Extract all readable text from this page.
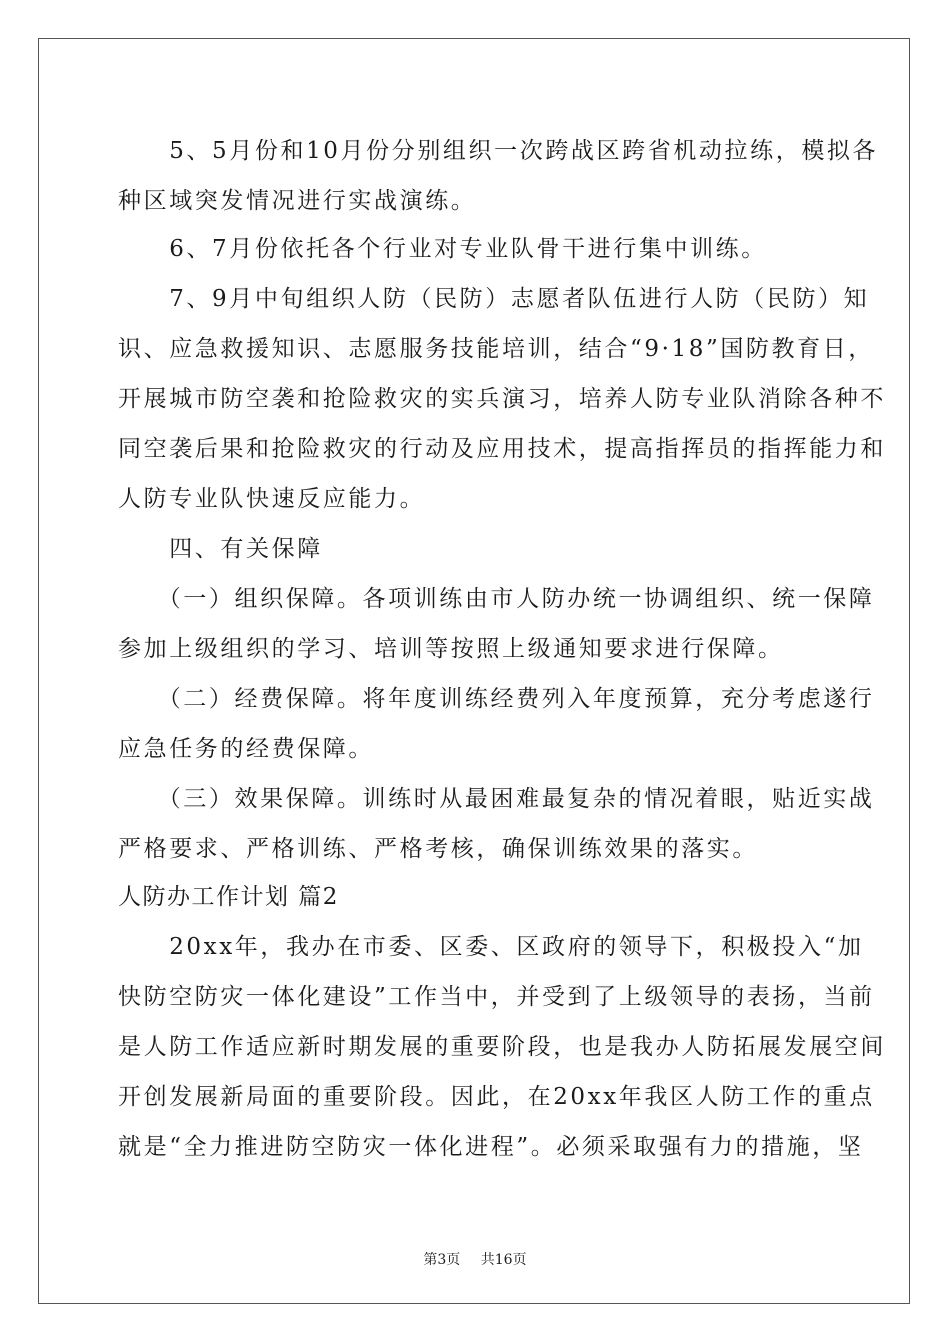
　　5、5月份和10月份分别组织一次跨战区跨省机动拉练，模拟各
种区域突发情况进行实战演练。
　　6、7月份依托各个行业对专业队骨干进行集中训练。
　　7、9月中旬组织人防（民防）志愿者队伍进行人防（民防）知
识、应急救援知识、志愿服务技能培训，结合“9·18”国防教育日，
开展城市防空袭和抢险救灾的实兵演习，培养人防专业队消除各种不
同空袭后果和抢险救灾的行动及应用技术，提高指挥员的指挥能力和
人防专业队快速反应能力。
　　四、有关保障
　　（一）组织保障。各项训练由市人防办统一协调组织、统一保障
参加上级组织的学习、培训等按照上级通知要求进行保障。
　　（二）经费保障。将年度训练经费列入年度预算，充分考虑遂行
应急任务的经费保障。
　　（三）效果保障。训练时从最困难最复杂的情况着眼，贴近实战
严格要求、严格训练、严格考核，确保训练效果的落实。
人防办工作计划 篇2
　　20xx年，我办在市委、区委、区政府的领导下，积极投入“加
快防空防灾一体化建设”工作当中，并受到了上级领导的表扬，当前
是人防工作适应新时期发展的重要阶段，也是我办人防拓展发展空间
开创发展新局面的重要阶段。因此，在20xx年我区人防工作的重点
就是“全力推进防空防灾一体化进程”。必须采取强有力的措施，坚
第3页 共16页
